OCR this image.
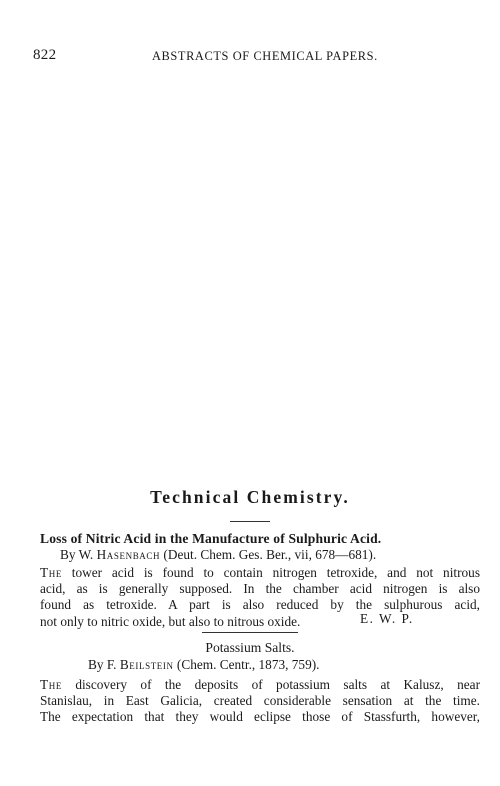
822	ABSTRACTS OF CHEMICAL PAPERS.
Technical Chemistry.
Loss of Nitric Acid in the Manufacture of Sulphuric Acid.
By W. Hasenbach (Deut. Chem. Ges. Ber., vii, 678—681).
The tower acid is found to contain nitrogen tetroxide, and not nitrous
acid, as is generally supposed. In the chamber acid nitrogen is also
found as tetroxide. A part is also reduced by the sulphurous acid,
not only to nitric oxide, but also to nitrous oxide.	E. W. P.
Potassium Salts.
By F. Beilstein (Chem. Centr., 1873, 759).
The discovery of the deposits of potassium salts at Kalusz, near
Stanislau, in East Galicia, created considerable sensation at the time.
The expectation that they would eclipse those of Stassfurth, however,
